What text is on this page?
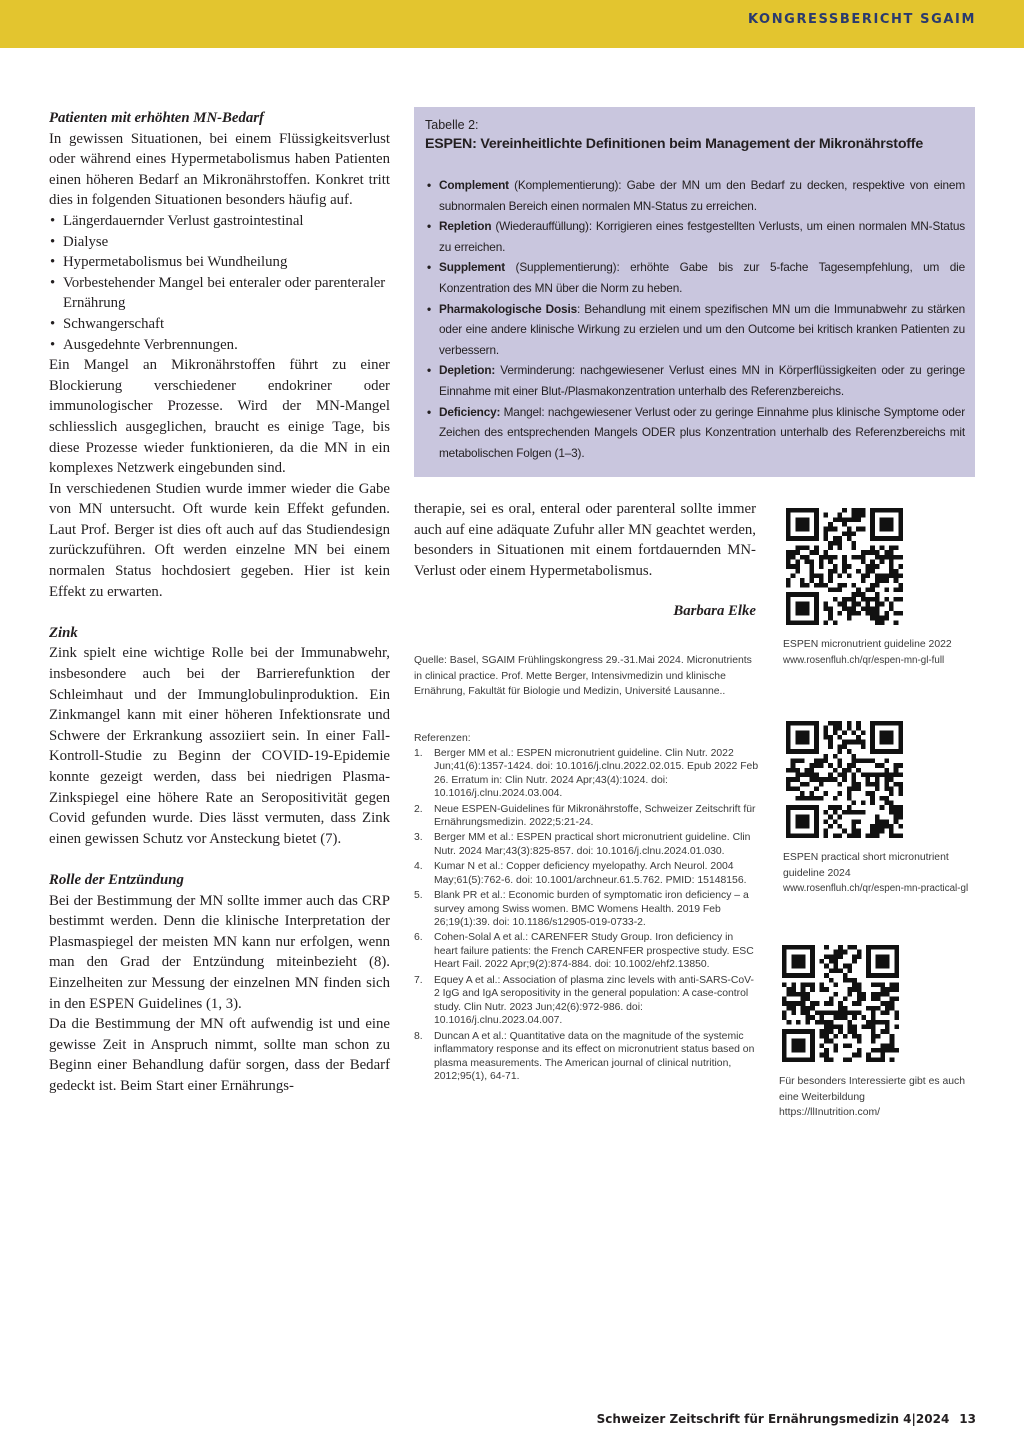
KONGRESSBERICHT SGAIM

Patienten mit erhöhten MN-Bedarf

In gewissen Situationen, bei einem Flüssigkeitsverlust oder während eines Hypermetabolismus haben Patienten einen höheren Bedarf an Mikronährstoffen. Konkret tritt dies in folgenden Situationen besonders häufig auf.

• Längerdauernder Verlust gastrointestinal
• Dialyse
• Hypermetabolismus bei Wundheilung
• Vorbestehender Mangel bei enteraler oder parenteraler Ernährung
• Schwangerschaft
• Ausgedehnte Verbrennungen.

Ein Mangel an Mikronährstoffen führt zu einer Blockierung verschiedener endokriner oder immunologischer Prozesse. Wird der MN-Mangel schliesslich ausgeglichen, braucht es einige Tage, bis diese Prozesse wieder funktionieren, da die MN in ein komplexes Netzwerk eingebunden sind.

In verschiedenen Studien wurde immer wieder die Gabe von MN untersucht. Oft wurde kein Effekt gefunden. Laut Prof. Berger ist dies oft auch auf das Studiendesign zurückzuführen. Oft werden einzelne MN bei einem normalen Status hochdosiert gegeben. Hier ist kein Effekt zu erwarten.

Zink

Zink spielt eine wichtige Rolle bei der Immunabwehr, insbesondere auch bei der Barrierefunktion der Schleimhaut und der Immunglobulinproduktion. Ein Zinkmangel kann mit einer höheren Infektionsrate und Schwere der Erkrankung assoziiert sein. In einer Fall-Kontroll-Studie zu Beginn der COVID-19-Epidemie konnte gezeigt werden, dass bei niedrigen Plasma-Zinkspiegel eine höhere Rate an Seropositivität gegen Covid gefunden wurde. Dies lässt vermuten, dass Zink einen gewissen Schutz vor Ansteckung bietet (7).

Rolle der Entzündung

Bei der Bestimmung der MN sollte immer auch das CRP bestimmt werden. Denn die klinische Interpretation der Plasmaspiegel der meisten MN kann nur erfolgen, wenn man den Grad der Entzündung miteinbezieht (8). Einzelheiten zur Messung der einzelnen MN finden sich in den ESPEN Guidelines (1, 3).

Da die Bestimmung der MN oft aufwendig ist und eine gewisse Zeit in Anspruch nimmt, sollte man schon zu Beginn einer Behandlung dafür sorgen, dass der Bedarf gedeckt ist. Beim Start einer Ernährungs-

Tabelle 2:
ESPEN: Vereinheitlichte Definitionen beim Management der Mikronährstoffe
• Complement (Komplementierung): Gabe der MN um den Bedarf zu decken, respektive von einem subnormalen Bereich einen normalen MN-Status zu erreichen.
• Repletion (Wiederauffüllung): Korrigieren eines festgestellten Verlusts, um einen normalen MN-Status zu erreichen.
• Supplement (Supplementierung): erhöhte Gabe bis zur 5-fache Tagesempfehlung, um die Konzentration des MN über die Norm zu heben.
• Pharmakologische Dosis: Behandlung mit einem spezifischen MN um die Immunabwehr zu stärken oder eine andere klinische Wirkung zu erzielen und um den Outcome bei kritisch kranken Patienten zu verbessern.
• Depletion: Verminderung: nachgewiesener Verlust eines MN in Körperflüssigkeiten oder zu geringe Einnahme mit einer Blut-/Plasmakonzentration unterhalb des Referenzbereichs.
• Deficiency: Mangel: nachgewiesener Verlust oder zu geringe Einnahme plus klinische Symptome oder Zeichen des entsprechenden Mangels ODER plus Konzentration unterhalb des Referenzbereichs mit metabolischen Folgen (1–3).

therapie, sei es oral, enteral oder parenteral sollte immer auch auf eine adäquate Zufuhr aller MN geachtet werden, besonders in Situationen mit einem fortdauernden MN-Verlust oder einem Hypermetabolismus.

Barbara Elke

Quelle: Basel, SGAIM Frühlingskongress 29.-31.Mai 2024. Micronutrients in clinical practice. Prof. Mette Berger, Intensivmedizin und klinische Ernährung, Fakultät für Biologie und Medizin, Université Lausanne..
Referenzen:
1. Berger MM et al.: ESPEN micronutrient guideline. Clin Nutr. 2022 Jun;41(6):1357-1424. doi: 10.1016/j.clnu.2022.02.015. Epub 2022 Feb 26. Erratum in: Clin Nutr. 2024 Apr;43(4):1024. doi: 10.1016/j.clnu.2024.03.004.
2. Neue ESPEN-Guidelines für Mikronährstoffe, Schweizer Zeitschrift für Ernährungsmedizin. 2022;5:21-24.
3. Berger MM et al.: ESPEN practical short micronutrient guideline. Clin Nutr. 2024 Mar;43(3):825-857. doi: 10.1016/j.clnu.2024.01.030.
4. Kumar N et al.: Copper deficiency myelopathy. Arch Neurol. 2004 May;61(5):762-6. doi: 10.1001/archneur.61.5.762. PMID: 15148156.
5. Blank PR et al.: Economic burden of symptomatic iron deficiency – a survey among Swiss women. BMC Womens Health. 2019 Feb 26;19(1):39. doi: 10.1186/s12905-019-0733-2.
6. Cohen-Solal A et al.: CARENFER Study Group. Iron deficiency in heart failure patients: the French CARENFER prospective study. ESC Heart Fail. 2022 Apr;9(2):874-884. doi: 10.1002/ehf2.13850.
7. Equey A et al.: Association of plasma zinc levels with anti-SARS-CoV-2 IgG and IgA seropositivity in the general population: A case-control study. Clin Nutr. 2023 Jun;42(6):972-986. doi: 10.1016/j.clnu.2023.04.007.
8. Duncan A et al.: Quantitative data on the magnitude of the systemic inflammatory response and its effect on micronutrient status based on plasma measurements. The American journal of clinical nutrition, 2012;95(1), 64-71.
ESPEN micronutrient guideline 2022
www.rosenfluh.ch/qr/espen-mn-gl-full
ESPEN practical short micronutrient guideline 2024
www.rosenfluh.ch/qr/espen-mn-practical-gl
Für besonders Interessierte gibt es auch eine Weiterbildung
https://llInutrition.com/
Schweizer Zeitschrift für Ernährungsmedizin 4|2024 13
